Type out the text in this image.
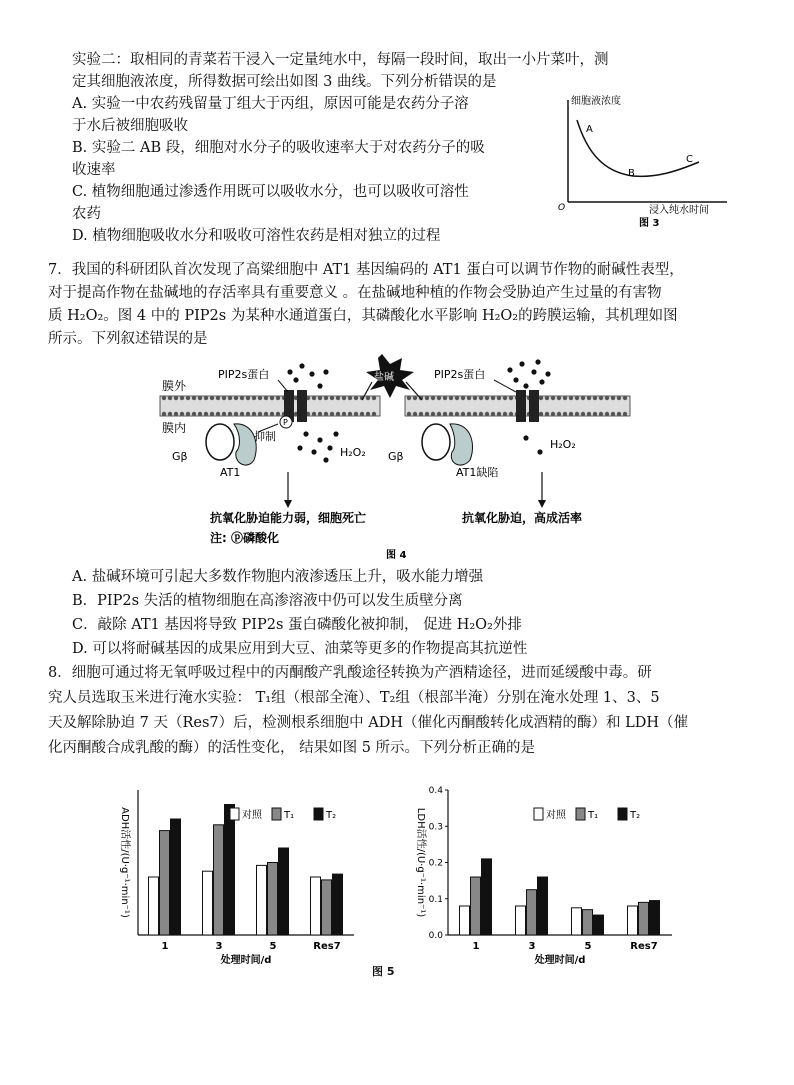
实验二：取相同的青菜若干浸入一定量纯水中，每隔一段时间，取出一小片菜叶，测
定其细胞液浓度，所得数据可绘出如图 3 曲线。下列分析错误的是
A. 实验一中农药残留量丁组大于丙组，原因可能是农药分子溶
于水后被细胞吸收
B. 实验二 AB 段，细胞对水分子的吸收速率大于对农药分子的吸
收速率
C. 植物细胞通过渗透作用既可以吸收水分，也可以吸收可溶性
农药
D. 植物细胞吸收水分和吸收可溶性农药是相对独立的过程
细胞液浓度
浸入纯水时间
O
A
B
C
图 3
7．我国的科研团队首次发现了高粱细胞中 AT1 基因编码的 AT1 蛋白可以调节作物的耐碱性表型，
对于提高作物在盐碱地的存活率具有重要意义 。在盐碱地种植的作物会受胁迫产生过量的有害物
质 H₂O₂。图 4 中的 PIP2s 为某种水通道蛋白，其磷酸化水平影响 H₂O₂的跨膜运输，其机理如图
所示。下列叙述错误的是
膜外
膜内
盐碱
P
PIP2s蛋白	PIP2s蛋白
抑制
Gβ
AT1
H₂O₂ Gβ
AT1缺陷
H₂O₂
抗氧化胁迫能力弱，细胞死亡	抗氧化胁迫，高成活率
注: ⓟ磷酸化
图 4
A. 盐碱环境可引起大多数作物胞内液渗透压上升，吸水能力增强
B．PIP2s 失活的植物细胞在高渗溶液中仍可以发生质壁分离
C．敲除 AT1 基因将导致 PIP2s 蛋白磷酸化被抑制， 促进 H₂O₂外排
D. 可以将耐碱基因的成果应用到大豆、油菜等更多的作物提高其抗逆性
8．细胞可通过将无氧呼吸过程中的丙酮酸产乳酸途径转换为产酒精途径，进而延缓酸中毒。研
究人员选取玉米进行淹水实验： T₁组（根部全淹）、T₂组（根部半淹）分别在淹水处理 1、3、5
天及解除胁迫 7 天（Res7）后，检测根系细胞中 ADH（催化丙酮酸转化成酒精的酶）和 LDH（催
化丙酮酸合成乳酸的酶）的活性变化， 结果如图 5 所示。下列分析正确的是
ADH活性/(U·g⁻¹·min⁻¹)
1	3	5	Res7
处理时间/d
对照 T₁	T₂	LDH活性/(U·g⁻¹·min⁻¹)
0.0
0.1
0.2
0.3
0.4
1	3	5	Res7
处理时间/d
对照 T₁	T₂
图 5
